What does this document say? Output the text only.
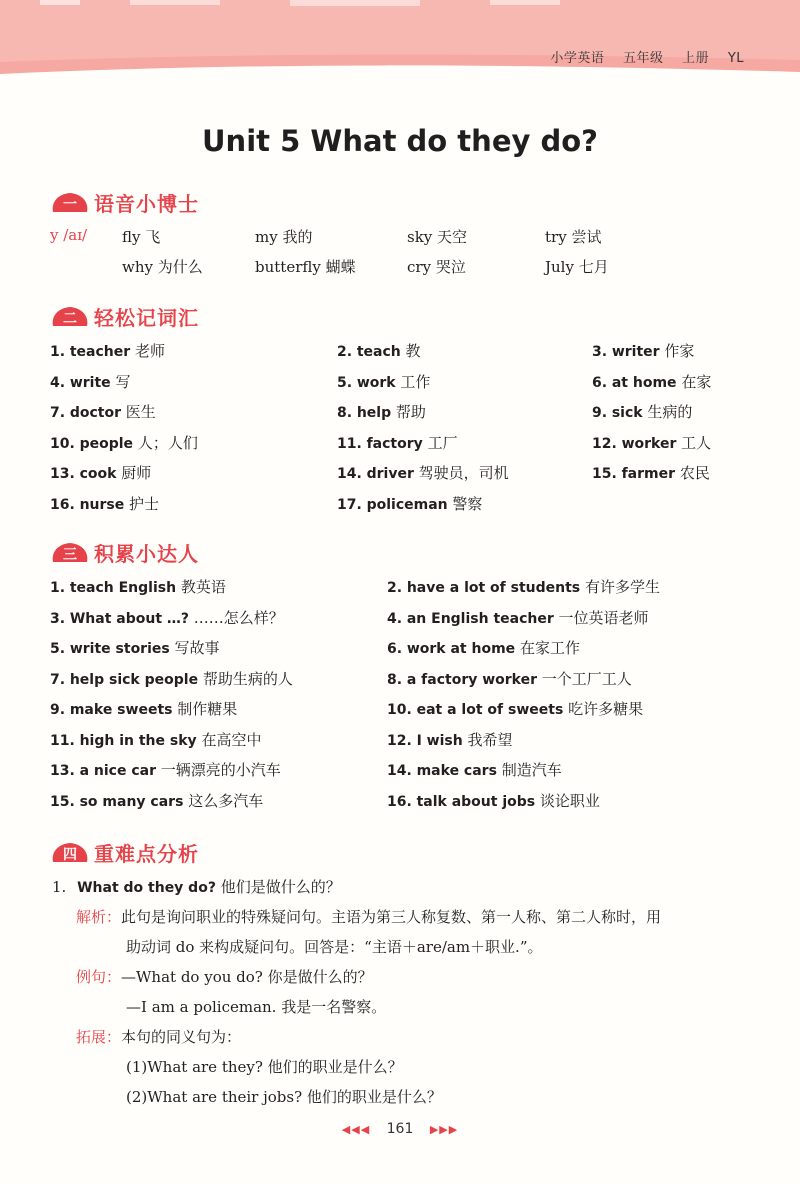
小学英语 五年级 上册 YL
Unit 5 What do they do?
一 语音小博士
y /aɪ/ fly 飞	my 我的	sky 天空	try 尝试
why 为什么	butterfly 蝴蝶	cry 哭泣	July 七月
二 轻松记词汇
1. teacher 老师	2. teach 教	3. writer 作家
4. write 写	5. work 工作	6. at home 在家
7. doctor 医生	8. help 帮助	9. sick 生病的
10. people 人；人们	11. factory 工厂	12. worker 工人
13. cook 厨师	14. driver 驾驶员，司机	15. farmer 农民
16. nurse 护士	17. policeman 警察
三 积累小达人
1. teach English 教英语	2. have a lot of students 有许多学生
3. What about …? ……怎么样？	4. an English teacher 一位英语老师
5. write stories 写故事	6. work at home 在家工作
7. help sick people 帮助生病的人	8. a factory worker 一个工厂工人
9. make sweets 制作糖果	10. eat a lot of sweets 吃许多糖果
11. high in the sky 在高空中	12. I wish 我希望
13. a nice car 一辆漂亮的小汽车	14. make cars 制造汽车
15. so many cars 这么多汽车	16. talk about jobs 谈论职业
四 重难点分析
1. What do they do? 他们是做什么的？
解析：此句是询问职业的特殊疑问句。主语为第三人称复数、第一人称、第二人称时，用
助动词 do 来构成疑问句。回答是：“主语＋are/am＋职业.”。
例句：—What do you do? 你是做什么的？
—I am a policeman. 我是一名警察。
拓展：本句的同义句为：
(1)What are they? 他们的职业是什么？
(2)What are their jobs? 他们的职业是什么？
◀◀◀ 161 ▶▶▶
